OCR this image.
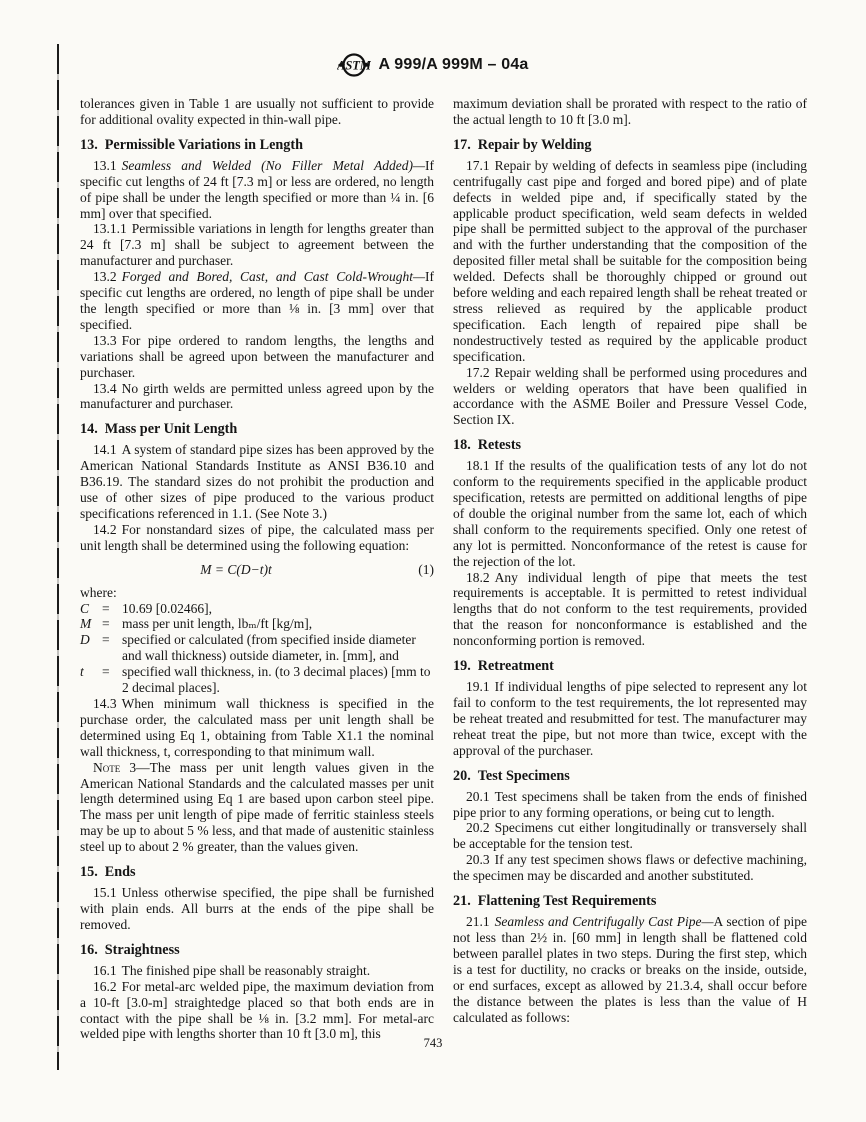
ASTM A 999/A 999M – 04a

tolerances given in Table 1 are usually not sufficient to provide for additional ovality expected in thin-wall pipe.

13. Permissible Variations in Length

13.1 Seamless and Welded (No Filler Metal Added)—If specific cut lengths of 24 ft [7.3 m] or less are ordered, no length of pipe shall be under the length specified or more than ¼ in. [6 mm] over that specified.

13.1.1 Permissible variations in length for lengths greater than 24 ft [7.3 m] shall be subject to agreement between the manufacturer and purchaser.

13.2 Forged and Bored, Cast, and Cast Cold-Wrought—If specific cut lengths are ordered, no length of pipe shall be under the length specified or more than ⅛ in. [3 mm] over that specified.

13.3 For pipe ordered to random lengths, the lengths and variations shall be agreed upon between the manufacturer and purchaser.

13.4 No girth welds are permitted unless agreed upon by the manufacturer and purchaser.

14. Mass per Unit Length

14.1 A system of standard pipe sizes has been approved by the American National Standards Institute as ANSI B36.10 and B36.19. The standard sizes do not prohibit the production and use of other sizes of pipe produced to the various product specifications referenced in 1.1. (See Note 3.)

14.2 For nonstandard sizes of pipe, the calculated mass per unit length shall be determined using the following equation:

M = C(D−t)t	(1)

where:

C = 10.69 [0.02466],
M = mass per unit length, lbₘ/ft [kg/m],
D = specified or calculated (from specified inside diameter and wall thickness) outside diameter, in. [mm], and
t	= specified wall thickness, in. (to 3 decimal places) [mm to 2 decimal places].

14.3 When minimum wall thickness is specified in the purchase order, the calculated mass per unit length shall be determined using Eq 1, obtaining from Table X1.1 the nominal wall thickness, t, corresponding to that minimum wall.

Note 3—The mass per unit length values given in the American National Standards and the calculated masses per unit length determined using Eq 1 are based upon carbon steel pipe. The mass per unit length of pipe made of ferritic stainless steels may be up to about 5 % less, and that made of austenitic stainless steel up to about 2 % greater, than the values given.

15. Ends

15.1 Unless otherwise specified, the pipe shall be furnished with plain ends. All burrs at the ends of the pipe shall be removed.

16. Straightness

16.1 The finished pipe shall be reasonably straight.

16.2 For metal-arc welded pipe, the maximum deviation from a 10-ft [3.0-m] straightedge placed so that both ends are in contact with the pipe shall be ⅛ in. [3.2 mm]. For metal-arc welded pipe with lengths shorter than 10 ft [3.0 m], this

maximum deviation shall be prorated with respect to the ratio of the actual length to 10 ft [3.0 m].

17. Repair by Welding

17.1 Repair by welding of defects in seamless pipe (including centrifugally cast pipe and forged and bored pipe) and of plate defects in welded pipe and, if specifically stated by the applicable product specification, weld seam defects in welded pipe shall be permitted subject to the approval of the purchaser and with the further understanding that the composition of the deposited filler metal shall be suitable for the composition being welded. Defects shall be thoroughly chipped or ground out before welding and each repaired length shall be reheat treated or stress relieved as required by the applicable product specification. Each length of repaired pipe shall be nondestructively tested as required by the applicable product specification.

17.2 Repair welding shall be performed using procedures and welders or welding operators that have been qualified in accordance with the ASME Boiler and Pressure Vessel Code, Section IX.

18. Retests

18.1 If the results of the qualification tests of any lot do not conform to the requirements specified in the applicable product specification, retests are permitted on additional lengths of pipe of double the original number from the same lot, each of which shall conform to the requirements specified. Only one retest of any lot is permitted. Nonconformance of the retest is cause for the rejection of the lot.

18.2 Any individual length of pipe that meets the test requirements is acceptable. It is permitted to retest individual lengths that do not conform to the test requirements, provided that the reason for nonconformance is established and the nonconforming portion is removed.

19. Retreatment

19.1 If individual lengths of pipe selected to represent any lot fail to conform to the test requirements, the lot represented may be reheat treated and resubmitted for test. The manufacturer may reheat treat the pipe, but not more than twice, except with the approval of the purchaser.

20. Test Specimens

20.1 Test specimens shall be taken from the ends of finished pipe prior to any forming operations, or being cut to length.

20.2 Specimens cut either longitudinally or transversely shall be acceptable for the tension test.

20.3 If any test specimen shows flaws or defective machining, the specimen may be discarded and another substituted.

21. Flattening Test Requirements

21.1 Seamless and Centrifugally Cast Pipe—A section of pipe not less than 2½ in. [60 mm] in length shall be flattened cold between parallel plates in two steps. During the first step, which is a test for ductility, no cracks or breaks on the inside, outside, or end surfaces, except as allowed by 21.3.4, shall occur before the distance between the plates is less than the value of H calculated as follows:

743
